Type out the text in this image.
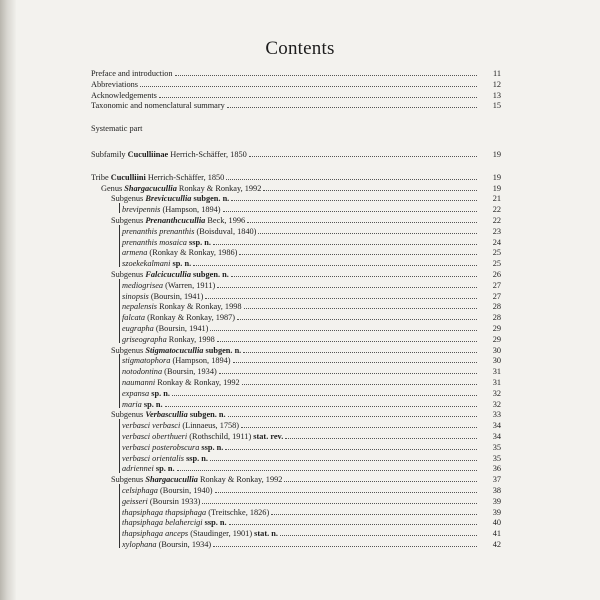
Contents
Preface and introduction	11
Abbreviations	12
Acknowledgements	13
Taxonomic and nomenclatural summary	15
Systematic part
Subfamily Cuculliinae Herrich-Schäffer, 1850	19
Tribe Cuculliini Herrich-Schäffer, 1850	19
Genus Shargacucullia Ronkay & Ronkay, 1992	19
Subgenus Brevicucullia subgen. n.	21
brevipennis (Hampson, 1894)	22
Subgenus Prenanthcucullia Beck, 1996	22
prenanthis prenanthis (Boisduval, 1840)	23
prenanthis mosaica ssp. n.	24
armena (Ronkay & Ronkay, 1986)	25
szoekekalmani sp. n.	25
Subgenus Falcicucullia subgen. n.	26
mediogrisea (Warren, 1911)	27
sinopsis (Boursin, 1941)	27
nepalensis Ronkay & Ronkay, 1998	28
falcata (Ronkay & Ronkay, 1987)	28
eugrapha (Boursin, 1941)	29
griseographa Ronkay, 1998	29
Subgenus Stigmatocucullia subgen. n.	30
stigmatophora (Hampson, 1894)	30
notodontina (Boursin, 1934)	31
naumanni Ronkay & Ronkay, 1992	31
expansa sp. n.	32
maria sp. n.	32
Subgenus Verbascullia subgen. n.	33
verbasci verbasci (Linnaeus, 1758)	34
verbasci oberthueri (Rothschild, 1911) stat. rev.	34
verbasci posterobscura ssp. n.	35
verbasci orientalis ssp. n.	35
adriennei sp. n.	36
Subgenus Shargacucullia Ronkay & Ronkay, 1992	37
celsiphaga (Boursin, 1940)	38
geisseri (Boursin 1933)	39
thapsiphaga thapsiphaga (Treitschke, 1826)	39
thapsiphaga belahercigi ssp. n.	40
thapsiphaga anceps (Staudinger, 1901) stat. n.	41
xylophana (Boursin, 1934)	42
